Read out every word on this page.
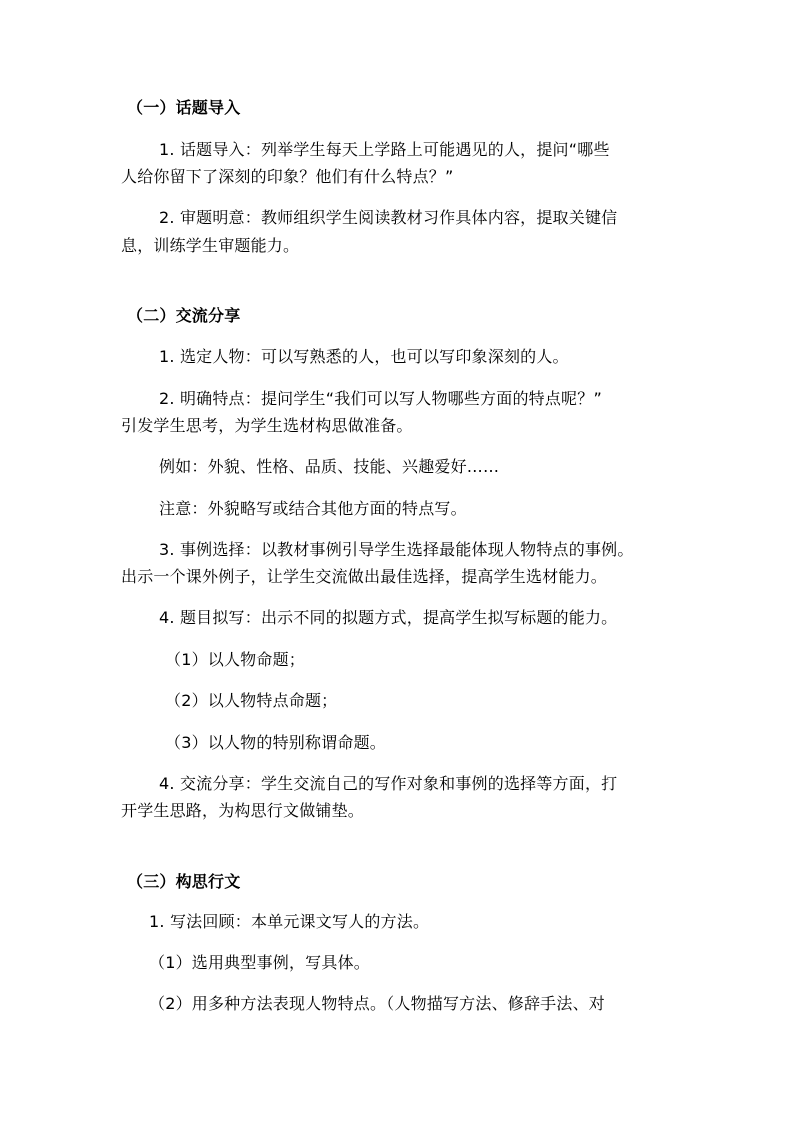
（一）话题导入
1. 话题导入：列举学生每天上学路上可能遇见的人，提问“哪些
人给你留下了深刻的印象？他们有什么特点？”
2. 审题明意：教师组织学生阅读教材习作具体内容，提取关键信
息，训练学生审题能力。
（二）交流分享
1. 选定人物：可以写熟悉的人，也可以写印象深刻的人。
2. 明确特点：提问学生“我们可以写人物哪些方面的特点呢？”
引发学生思考，为学生选材构思做准备。
例如：外貌、性格、品质、技能、兴趣爱好……
注意：外貌略写或结合其他方面的特点写。
3. 事例选择：以教材事例引导学生选择最能体现人物特点的事例。
出示一个课外例子，让学生交流做出最佳选择，提高学生选材能力。
4. 题目拟写：出示不同的拟题方式，提高学生拟写标题的能力。
（1）以人物命题；
（2）以人物特点命题；
（3）以人物的特别称谓命题。
4. 交流分享：学生交流自己的写作对象和事例的选择等方面，打
开学生思路，为构思行文做铺垫。
（三）构思行文
1. 写法回顾：本单元课文写人的方法。
（1）选用典型事例，写具体。
（2）用多种方法表现人物特点。（人物描写方法、修辞手法、对
